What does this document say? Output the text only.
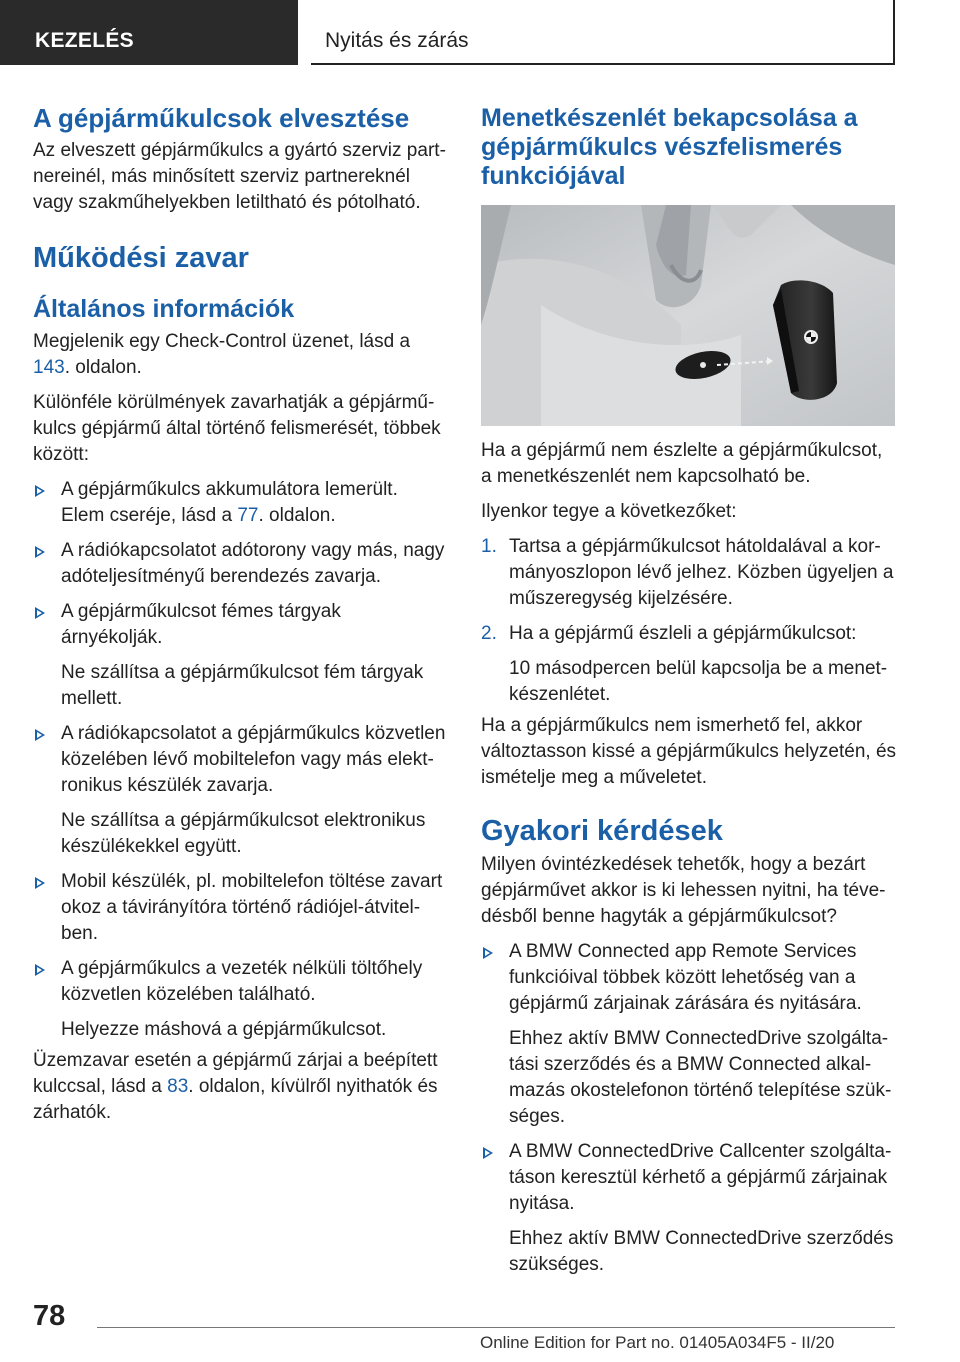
KEZELÉS	Nyitás és zárás
A gépjárműkulcsok elvesztése

Az elveszett gépjárműkulcs a gyártó szerviz partnereinél, más minősített szerviz partnereknél vagy szakműhelyekben letiltható és pótolható.

Működési zavar
Általános információk

Megjelenik egy Check-Control üzenet, lásd a 143. oldalon.

Különféle körülmények zavarhatják a gépjárműkulcs gépjármű által történő felismerését, többek között:

A gépjárműkulcs akkumulátora lemerült.
Elem cseréje, lásd a 77. oldalon.
A rádiókapcsolatot adótorony vagy más, nagy adóteljesítményű berendezés zavarja.
A gépjárműkulcsot fémes tárgyak árnyékolják.
Ne szállítsa a gépjárműkulcsot fém tárgyak mellett.
A rádiókapcsolatot a gépjárműkulcs közvetlen közelében lévő mobiltelefon vagy más elektronikus készülék zavarja.
Ne szállítsa a gépjárműkulcsot elektronikus készülékekkel együtt.
Mobil készülék, pl. mobiltelefon töltése zavart okoz a távirányítóra történő rádiójel-átvitelben.
A gépjárműkulcs a vezeték nélküli töltőhely közvetlen közelében található.
Helyezze máshová a gépjárműkulcsot.

Üzemzavar esetén a gépjármű zárjai a beépített kulccsal, lásd a 83. oldalon, kívülről nyithatók és zárhatók.

Menetkészenlét bekapcsolása a gépjárműkulcs vészfelismerés funkciójával

Ha a gépjármű nem észlelte a gépjárműkulcsot, a menetkészenlét nem kapcsolható be.

Ilyenkor tegye a következőket:

1. Tartsa a gépjárműkulcsot hátoldalával a kormányoszlopon lévő jelhez. Közben ügyeljen a műszeregység kijelzésére.
2. Ha a gépjármű észleli a gépjárműkulcsot:
10 másodpercen belül kapcsolja be a menetkészenlétet.

Ha a gépjárműkulcs nem ismerhető fel, akkor változtasson kissé a gépjárműkulcs helyzetén, és ismételje meg a műveletet.

Gyakori kérdések

Milyen óvintézkedések tehetők, hogy a bezárt gépjárművet akkor is ki lehessen nyitni, ha tévedésből benne hagyták a gépjárműkulcsot?

A BMW Connected app Remote Services funkcióival többek között lehetőség van a gépjármű zárjainak zárására és nyitására.
Ehhez aktív BMW ConnectedDrive szolgáltatási szerződés és a BMW Connected alkalmazás okostelefonon történő telepítése szükséges.
A BMW ConnectedDrive Callcenter szolgáltatáson keresztül kérhető a gépjármű zárjainak nyitása.
Ehhez aktív BMW ConnectedDrive szerződés szükséges.
78
Online Edition for Part no. 01405A034F5 - II/20
